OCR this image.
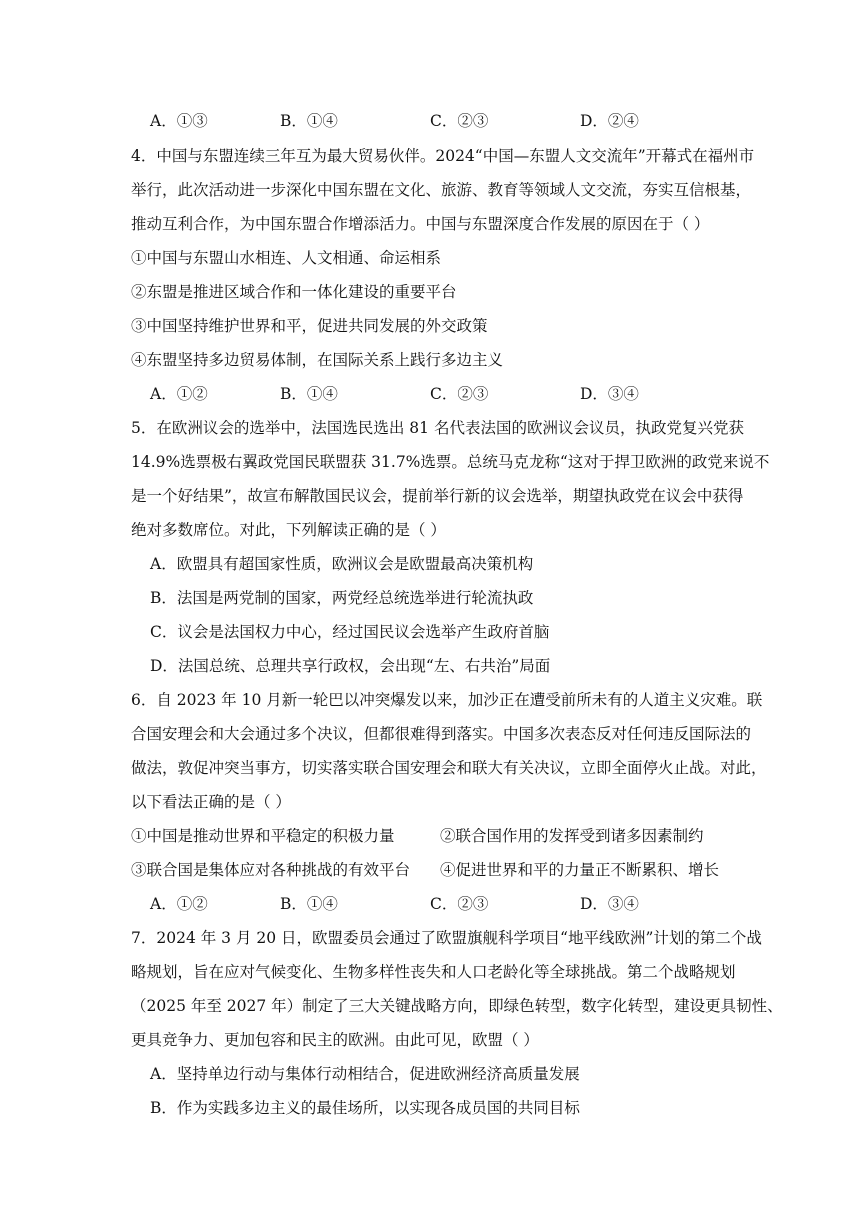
A．①③	B．①④	C．②③	D．②④
4．中国与东盟连续三年互为最大贸易伙伴。2024“中国—东盟人文交流年”开幕式在福州市
举行，此次活动进一步深化中国东盟在文化、旅游、教育等领域人文交流，夯实互信根基，
推动互利合作，为中国东盟合作增添活力。中国与东盟深度合作发展的原因在于（ ）
①中国与东盟山水相连、人文相通、命运相系
②东盟是推进区域合作和一体化建设的重要平台
③中国坚持维护世界和平，促进共同发展的外交政策
④东盟坚持多边贸易体制，在国际关系上践行多边主义
A．①②	B．①④	C．②③	D．③④
5．在欧洲议会的选举中，法国选民选出 81 名代表法国的欧洲议会议员，执政党复兴党获
14.9%选票极右翼政党国民联盟获 31.7%选票。总统马克龙称“这对于捍卫欧洲的政党来说不
是一个好结果”，故宣布解散国民议会，提前举行新的议会选举，期望执政党在议会中获得
绝对多数席位。对此，下列解读正确的是（ ）
A．欧盟具有超国家性质，欧洲议会是欧盟最高决策机构
B．法国是两党制的国家，两党经总统选举进行轮流执政
C．议会是法国权力中心，经过国民议会选举产生政府首脑
D．法国总统、总理共享行政权，会出现“左、右共治”局面
6．自 2023 年 10 月新一轮巴以冲突爆发以来，加沙正在遭受前所未有的人道主义灾难。联
合国安理会和大会通过多个决议，但都很难得到落实。中国多次表态反对任何违反国际法的
做法，敦促冲突当事方，切实落实联合国安理会和联大有关决议，立即全面停火止战。对此，
以下看法正确的是（ ）
①中国是推动世界和平稳定的积极力量	②联合国作用的发挥受到诸多因素制约
③联合国是集体应对各种挑战的有效平台 ④促进世界和平的力量正不断累积、增长
A．①②	B．①④	C．②③	D．③④
7．2024 年 3 月 20 日，欧盟委员会通过了欧盟旗舰科学项目“地平线欧洲”计划的第二个战
略规划，旨在应对气候变化、生物多样性丧失和人口老龄化等全球挑战。第二个战略规划
（2025 年至 2027 年）制定了三大关键战略方向，即绿色转型，数字化转型，建设更具韧性、
更具竞争力、更加包容和民主的欧洲。由此可见，欧盟（ ）
A．坚持单边行动与集体行动相结合，促进欧洲经济高质量发展
B．作为实践多边主义的最佳场所，以实现各成员国的共同目标
